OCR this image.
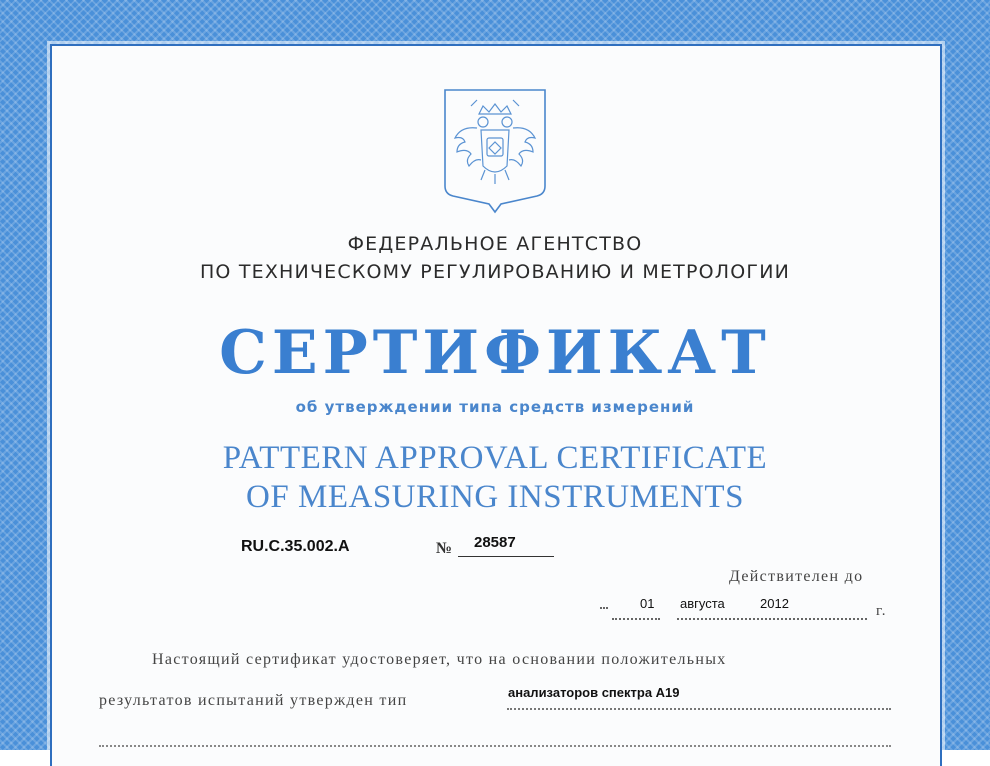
ФЕДЕРАЛЬНОЕ АГЕНТСТВО
ПО ТЕХНИЧЕСКОМУ РЕГУЛИРОВАНИЮ И МЕТРОЛОГИИ
СЕРТИФИКАТ
об утверждении типа средств измерений
PATTERN APPROVAL CERTIFICATE
OF MEASURING INSTRUMENTS
RU.C.35.002.A	№ 28587
Действителен до
01 августа	2012	г.
Настоящий сертификат удостоверяет, что на основании положительных
результатов испытаний утвержден тип	анализаторов спектра А19
